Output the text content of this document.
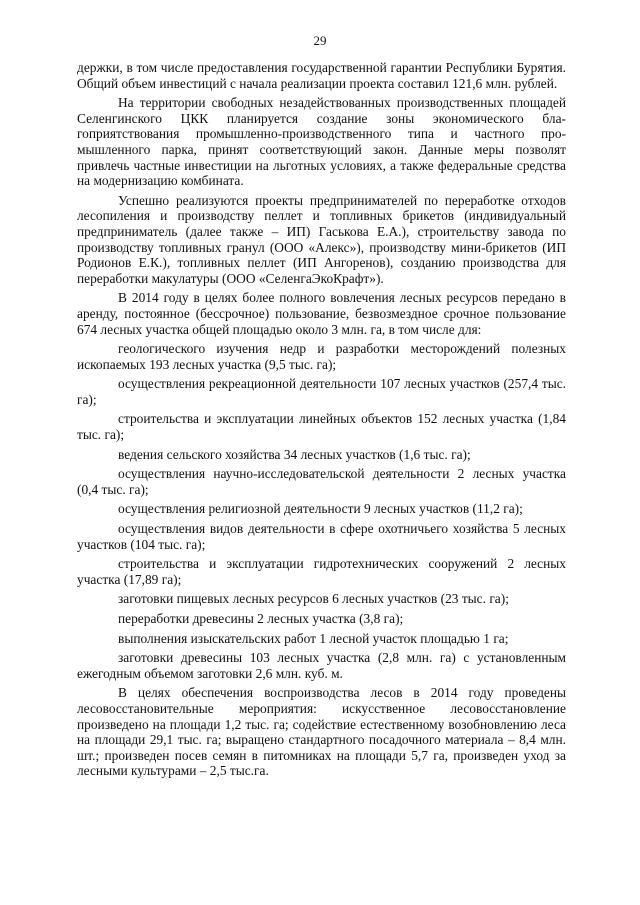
29

держки, в том числе предоставления государственной гарантии Республики Бурятия. Общий объем инвестиций с начала реализации проекта составил 121,6 млн. рублей.

На территории свободных незадействованных производственных площадей Селенгинского ЦКК планируется создание зоны экономического благоприятствования промышленно-производственного типа и частного промышленного парка, принят соответствующий закон. Данные меры позволят привлечь частные инвестиции на льготных условиях, а также федеральные средства на модернизацию комбината.

Успешно реализуются проекты предпринимателей по переработке отходов лесопиления и производству пеллет и топливных брикетов (индивидуальный предприниматель (далее также – ИП) Гаськова Е.А.), строительству завода по производству топливных гранул (ООО «Алекс»), производству мини-брикетов (ИП Родионов Е.К.), топливных пеллет (ИП Ангоренов), созданию производства для переработки макулатуры (ООО «СеленгаЭкоКрафт»).

В 2014 году в целях более полного вовлечения лесных ресурсов передано в аренду, постоянное (бессрочное) пользование, безвозмездное срочное пользование 674 лесных участка общей площадью около 3 млн. га, в том числе для:

геологического изучения недр и разработки месторождений полезных ископаемых 193 лесных участка (9,5 тыс. га);

осуществления рекреационной деятельности 107 лесных участков (257,4 тыс. га);

строительства и эксплуатации линейных объектов 152 лесных участка (1,84 тыс. га);

ведения сельского хозяйства 34 лесных участков (1,6 тыс. га);

осуществления научно-исследовательской деятельности 2 лесных участка (0,4 тыс. га);

осуществления религиозной деятельности 9 лесных участков (11,2 га);

осуществления видов деятельности в сфере охотничьего хозяйства 5 лесных участков (104 тыс. га);

строительства и эксплуатации гидротехнических сооружений 2 лесных участка (17,89 га);

заготовки пищевых лесных ресурсов 6 лесных участков (23 тыс. га);

переработки древесины 2 лесных участка (3,8 га);

выполнения изыскательских работ 1 лесной участок площадью 1 га;

заготовки древесины 103 лесных участка (2,8 млн. га) с установленным ежегодным объемом заготовки 2,6 млн. куб. м.

В целях обеспечения воспроизводства лесов в 2014 году проведены лесовосстановительные мероприятия: искусственное лесовосстановление произведено на площади 1,2 тыс. га; содействие естественному возобновлению леса на площади 29,1 тыс. га; выращено стандартного посадочного материала – 8,4 млн. шт.; произведен посев семян в питомниках на площади 5,7 га, произведен уход за лесными культурами – 2,5 тыс.га.
